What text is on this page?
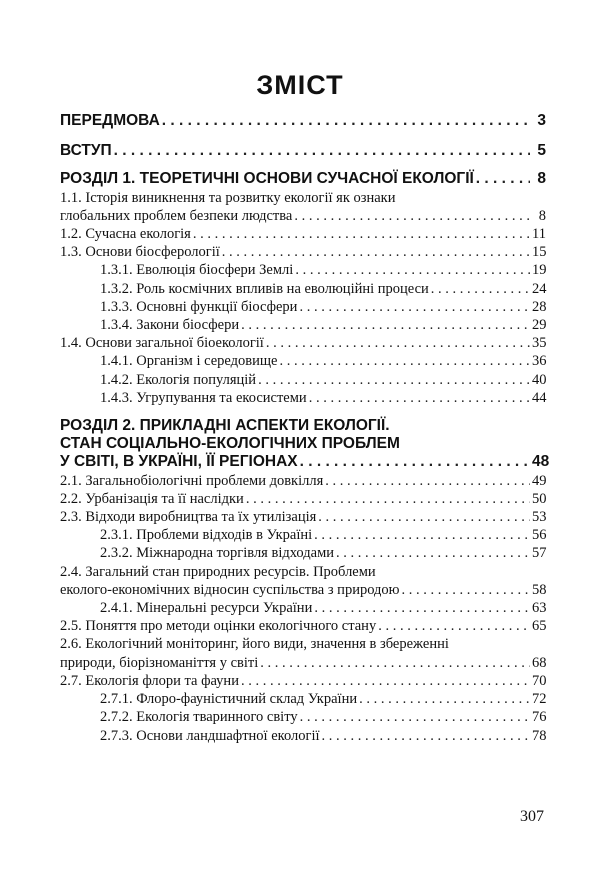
ЗМІСТ
ПЕРЕДМОВА . . .	3
ВСТУП . . .	5
РОЗДІЛ 1. ТЕОРЕТИЧНІ ОСНОВИ СУЧАСНОЇ ЕКОЛОГІЇ . . .	8
1.1. Історія виникнення та розвитку екології як ознаки
глобальних проблем безпеки людства . . .	8
1.2. Сучасна екологія . . .	11
1.3. Основи біосферології . . .	15
1.3.1. Еволюція біосфери Землі . . .	19
1.3.2. Роль космічних впливів на еволюційні процеси . . .	24
1.3.3. Основні функції біосфери . . .	28
1.3.4. Закони біосфери . . .	29
1.4. Основи загальної біоекології . . .	35
1.4.1. Організм і середовище . . .	36
1.4.2. Екологія популяцій . . .	40
1.4.3. Угрупування та екосистеми . . .	44
РОЗДІЛ 2. ПРИКЛАДНІ АСПЕКТИ ЕКОЛОГІЇ.
СТАН СОЦІАЛЬНО-ЕКОЛОГІЧНИХ ПРОБЛЕМ
У СВІТІ, В УКРАЇНІ, ЇЇ РЕГІОНАХ . . .	48
2.1. Загальнобіологічні проблеми довкілля . . .	49
2.2. Урбанізація та її наслідки . . .	50
2.3. Відходи виробництва та їх утилізація . . .	53
2.3.1. Проблеми відходів в Україні . . .	56
2.3.2. Міжнародна торгівля відходами . . .	57
2.4. Загальний стан природних ресурсів. Проблеми
еколого-економічних відносин суспільства з природою . . .	58
2.4.1. Мінеральні ресурси України . . .	63
2.5. Поняття про методи оцінки екологічного стану . . .	65
2.6. Екологічний моніторинг, його види, значення в збереженні
природи, біорізноманіття у світі . . .	68
2.7. Екологія флори та фауни . . .	70
2.7.1. Флоро-фауністичний склад України . . .	72
2.7.2. Екологія тваринного світу . . .	76
2.7.3. Основи ландшафтної екології . . .	78
307
